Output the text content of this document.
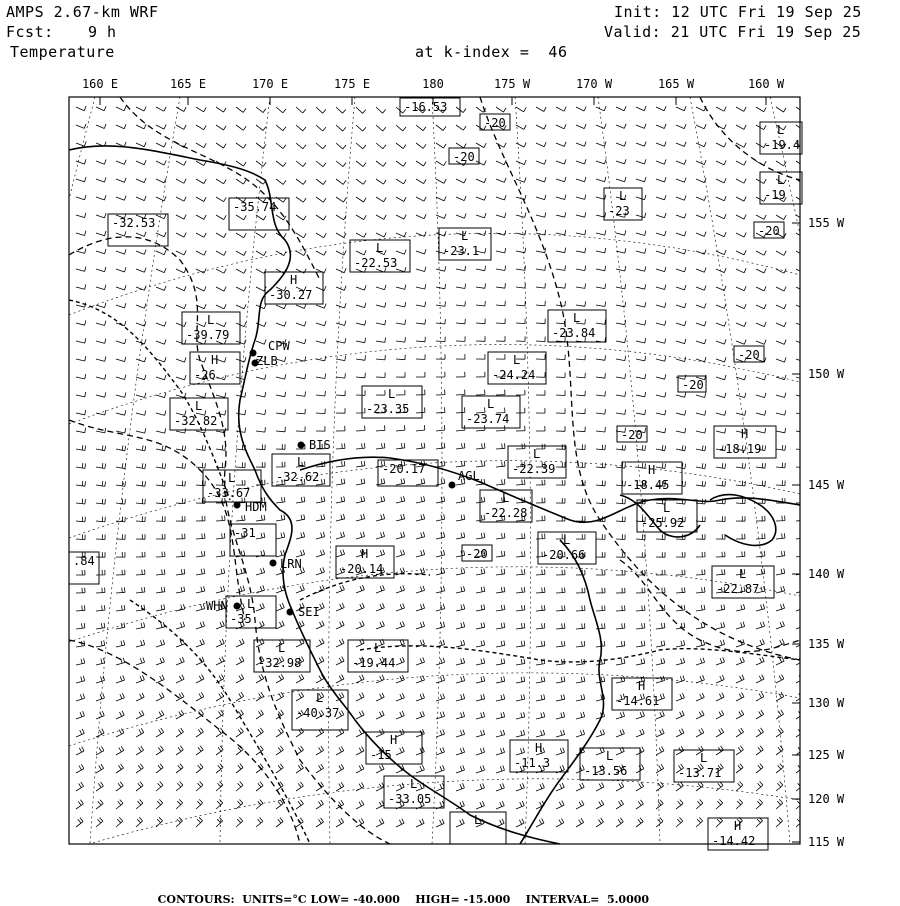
AMPS 2.67-km WRF
Fcst: 9 h
Temperature
Init: 12 UTC Fri 19 Sep 25
Valid: 21 UTC Fri 19 Sep 25
at k-index =  46
CPW
ZLB
BIS
AGL
HDM
LRN
WHN	SEI
-16.53
-20
-20
L
-19.4
L
-19
L
-23
-20
-35.74
-32.53
L
-22.53
L
-23.1
H
-30.27
L
-39.79
L
-23.84
H
-26
L
-24.24
-20
-20
L
-32.82
L
-23.35	L
-23.74
-20	H
-18.19
L
-22.39
L
-32.62
-20.17	H
-18.45
L
-33.67	L
-22.28	L
-25.92
-31
-20
L
-20.66
H
-20.14
.84
L
-22.87
L
-35
L
-32.98
L
-19.44
H
-14.61
L
-40.37
H
-15	H
-11.3	L
-13.56
L
-13.71
L
-33.05
L	H
-14.42
160 E	165 E	170 E	175 E	180	175 W	170 W	165 W	160 W
155 W
150 W
145 W
140 W
135 W
130 W
125 W
120 W
115 W

CONTOURS: UNITS=°C LOW= -40.000 HIGH= -15.000 INTERVAL=  5.0000
